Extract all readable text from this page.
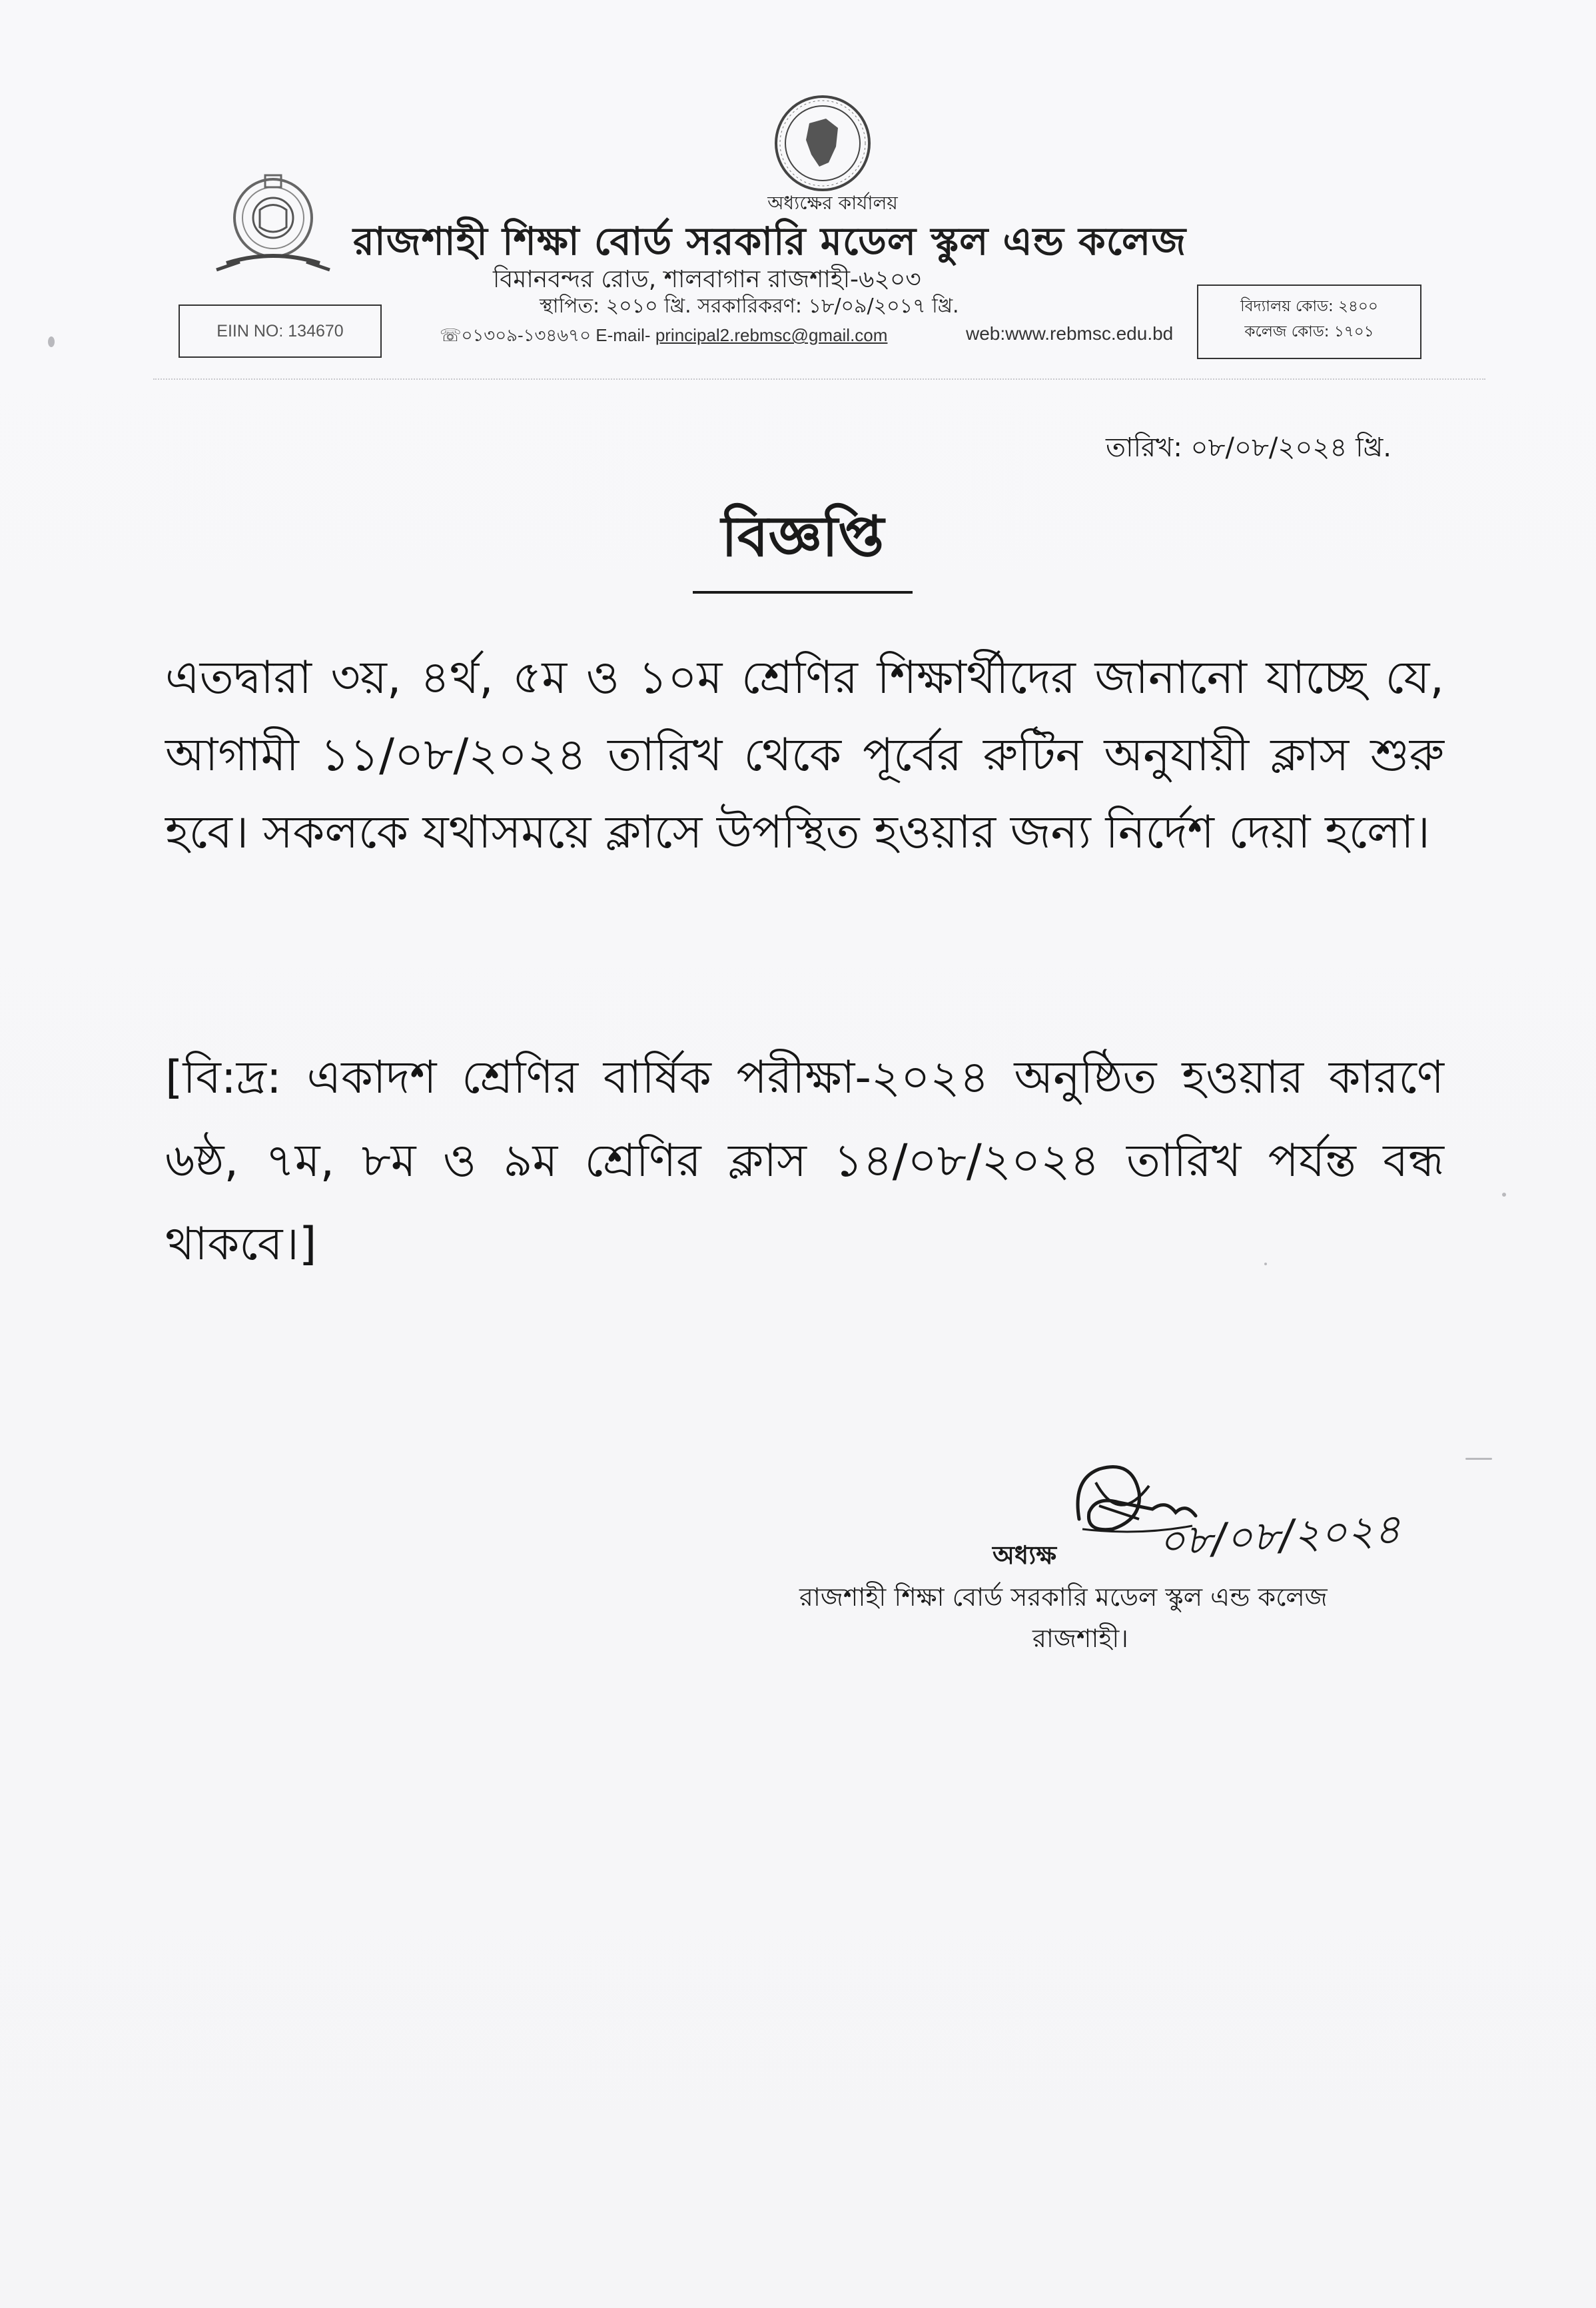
অধ্যক্ষের কার্যালয়
রাজশাহী শিক্ষা বোর্ড সরকারি মডেল স্কুল এন্ড কলেজ
বিমানবন্দর রোড, শালবাগান রাজশাহী-৬২০৩
স্থাপিত: ২০১০ খ্রি. সরকারিকরণ: ১৮/০৯/২০১৭ খ্রি.
EIIN NO: 134670	☏০১৩০৯-১৩৪৬৭০ E-mail- principal2.rebmsc@gmail.com	web:www.rebmsc.edu.bd
বিদ্যালয় কোড: ২৪০০
কলেজ কোড: ১৭০১
তারিখ: ০৮/০৮/২০২৪ খ্রি.
বিজ্ঞপ্তি
এতদ্বারা ৩য়, ৪র্থ, ৫ম ও ১০ম শ্রেণির শিক্ষার্থীদের জানানো যাচ্ছে যে, আগামী ১১/০৮/২০২৪ তারিখ থেকে পূর্বের রুটিন অনুযায়ী ক্লাস শুরু হবে। সকলকে যথাসময়ে ক্লাসে উপস্থিত হওয়ার জন্য নির্দেশ দেয়া হলো।
[বি:দ্র: একাদশ শ্রেণির বার্ষিক পরীক্ষা-২০২৪ অনুষ্ঠিত হওয়ার কারণে ৬ষ্ঠ, ৭ম, ৮ম ও ৯ম শ্রেণির ক্লাস ১৪/০৮/২০২৪ তারিখ পর্যন্ত বন্ধ থাকবে।]
০৮/০৮/২০২৪
অধ্যক্ষ
রাজশাহী শিক্ষা বোর্ড সরকারি মডেল স্কুল এন্ড কলেজ
রাজশাহী।
